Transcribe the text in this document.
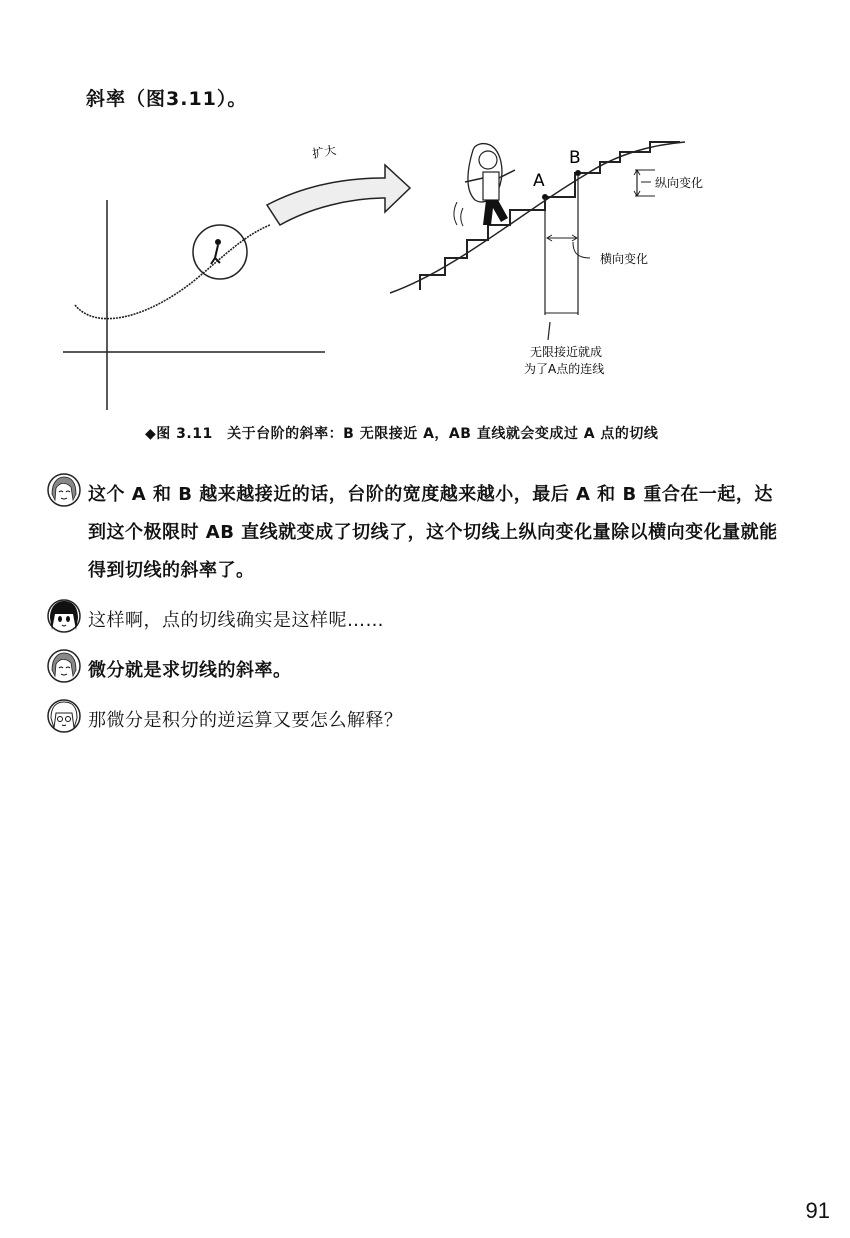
斜率（图3.11）。
扩大
A
B
纵向变化
横向变化
无限接近就成
为了A点的连线
◆图 3.11　关于台阶的斜率：B 无限接近 A，AB 直线就会变成过 A 点的切线
这个 A 和 B 越来越接近的话，台阶的宽度越来越小，最后 A 和 B 重合在一起，达到这个极限时 AB 直线就变成了切线了，这个切线上纵向变化量除以横向变化量就能得到切线的斜率了。
这样啊，点的切线确实是这样呢……
微分就是求切线的斜率。
那微分是积分的逆运算又要怎么解释？
91
